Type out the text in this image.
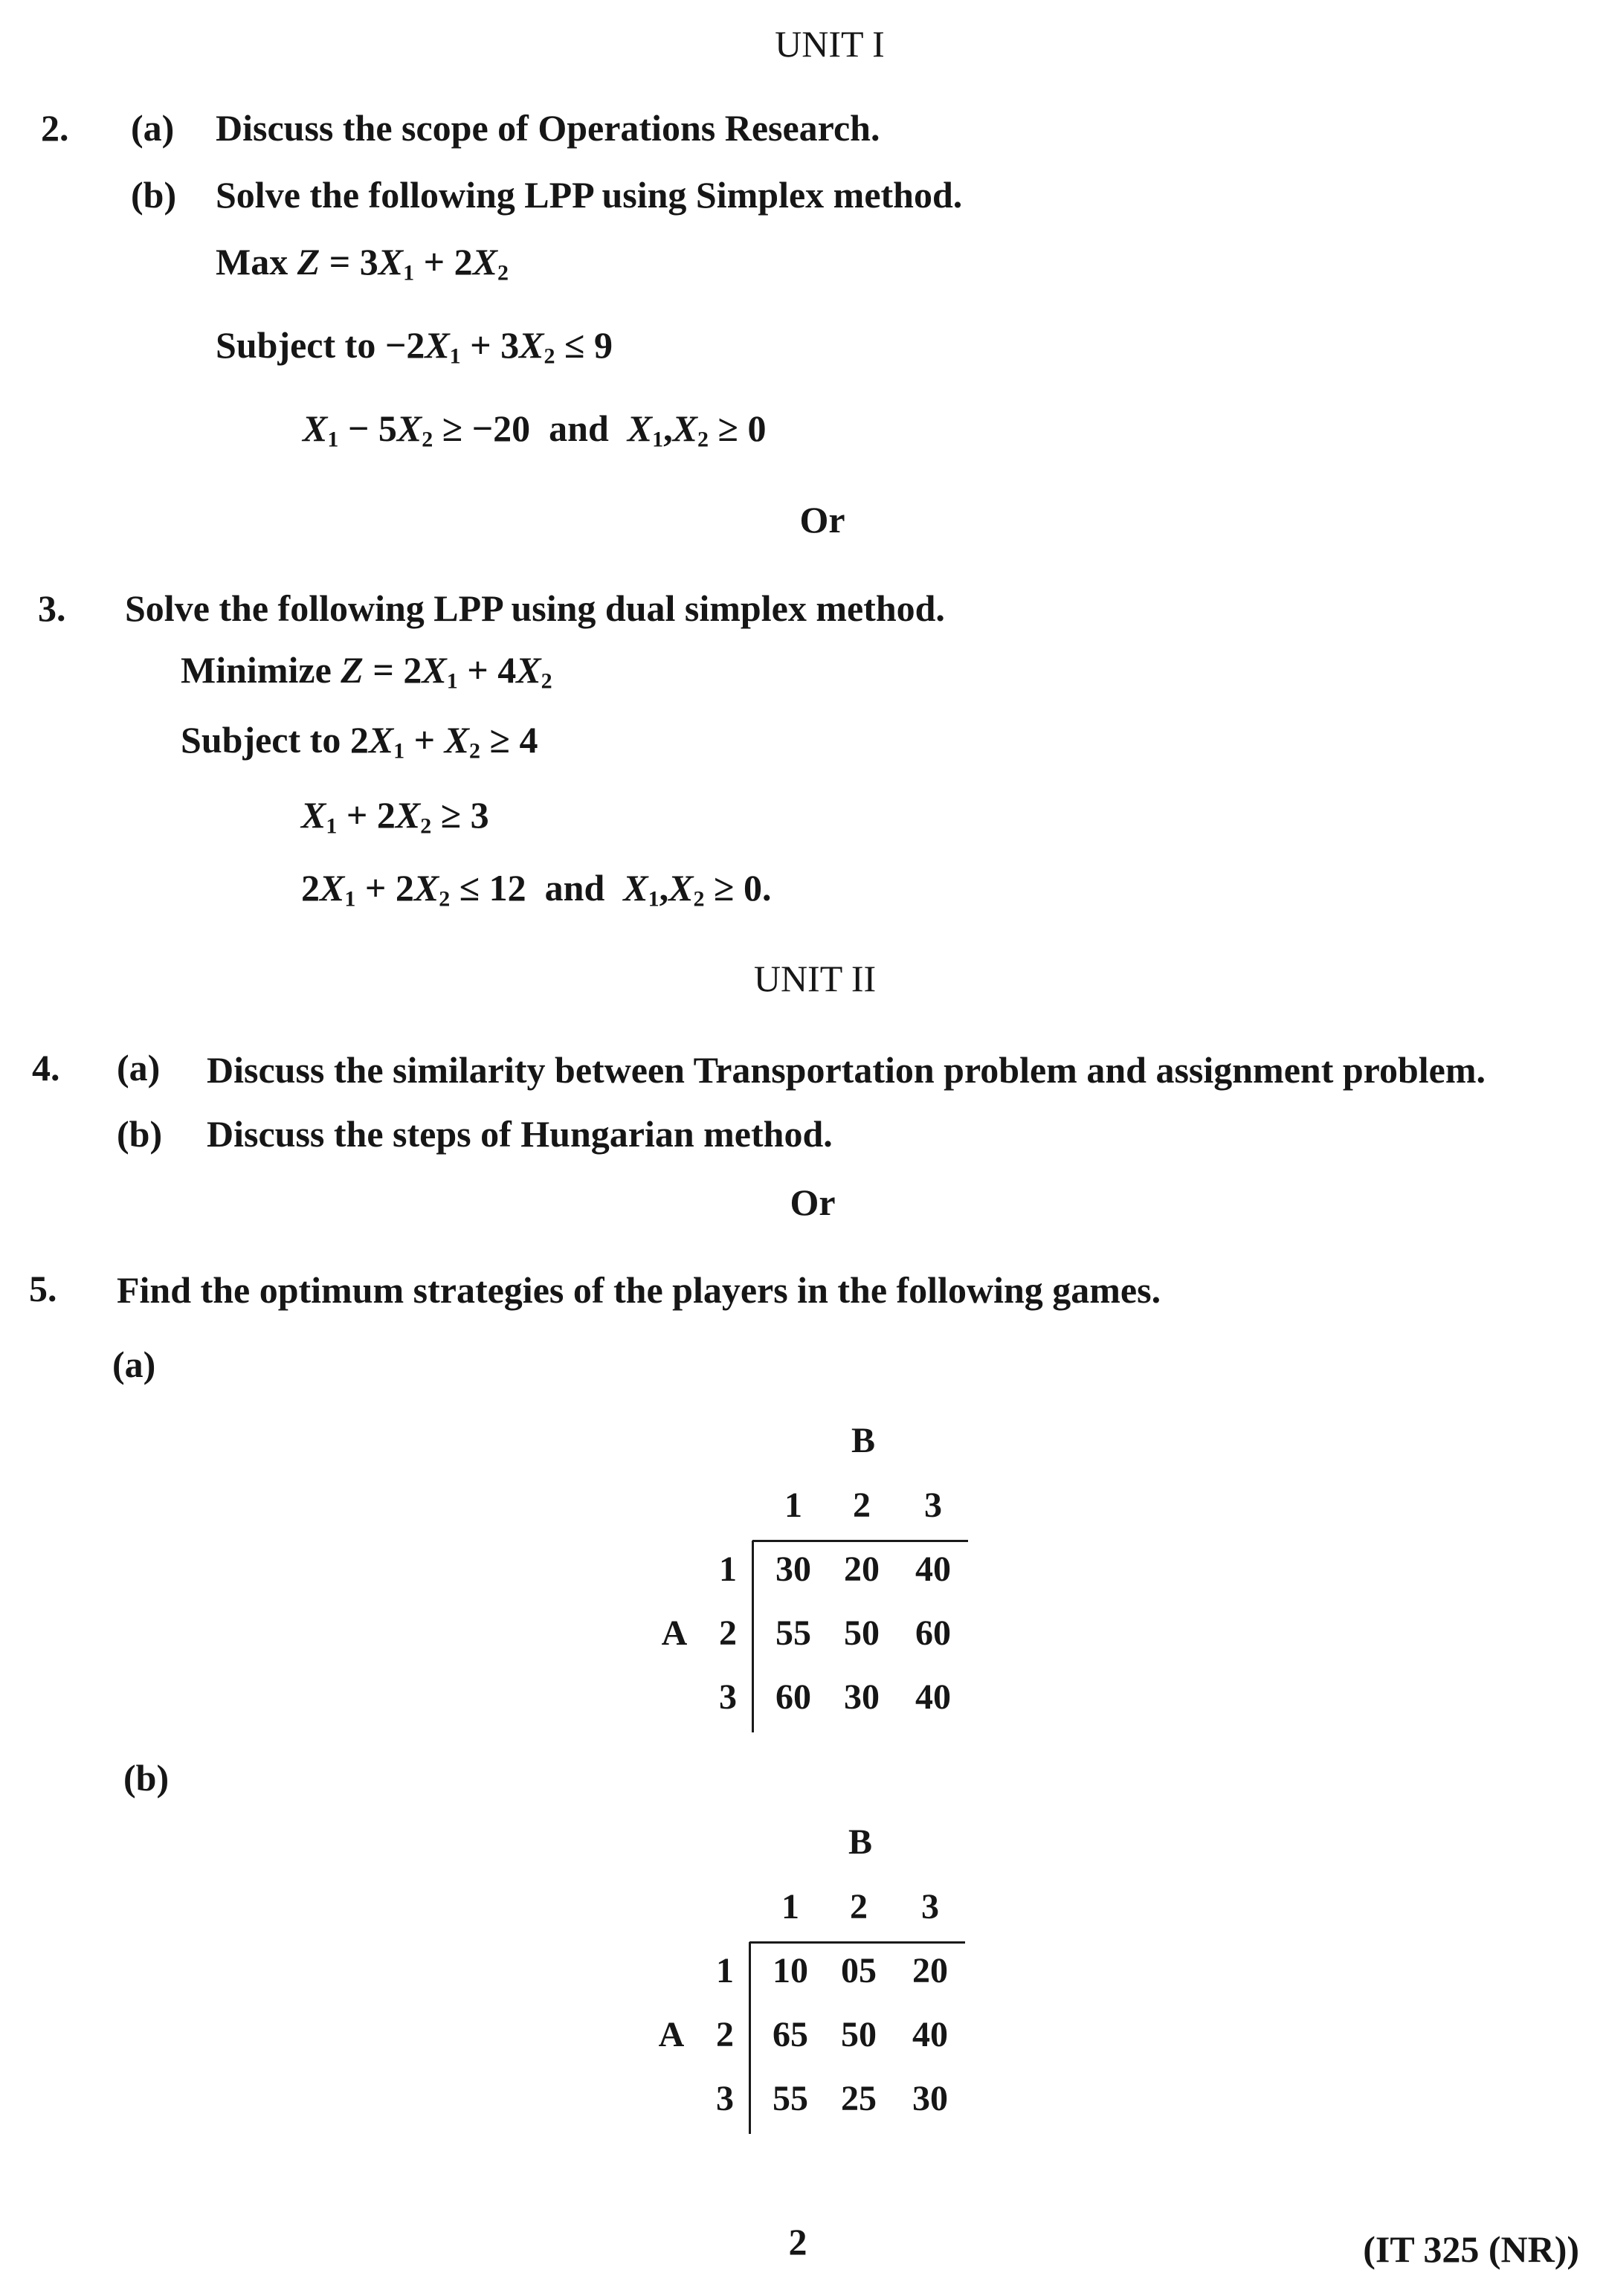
UNIT I
2. (a) Discuss the scope of Operations Research.
(b) Solve the following LPP using Simplex method.
Max $Z = 3X_1 + 2X_2$
Subject to $-2X_1 + 3X_2 \le 9$
$X_1 - 5X_2 \ge -20$ and $X_1,X_2 \ge 0$
Or
3. Solve the following LPP using dual simplex method.
Minimize $Z = 2X_1 + 4X_2$
Subject to $2X_1 + X_2 \ge 4$
$X_1 + 2X_2 \ge 3$
$2X_1 + 2X_2 \le 12$ and $X_1,X_2 \ge 0$.
UNIT II
4. (a) Discuss the similarity between Transportation problem and assignment problem.
(b) Discuss the steps of Hungarian method.
Or
5. Find the optimum strategies of the players in the following games.
(a)
B
1 2 3
A
1
2
3
30 20 40
55 50 60
60 30 40
(b)
B
1 2 3
A
1
2
3
10 05 20
65 50 40
55 25 30
2	(IT 325 (NR))
